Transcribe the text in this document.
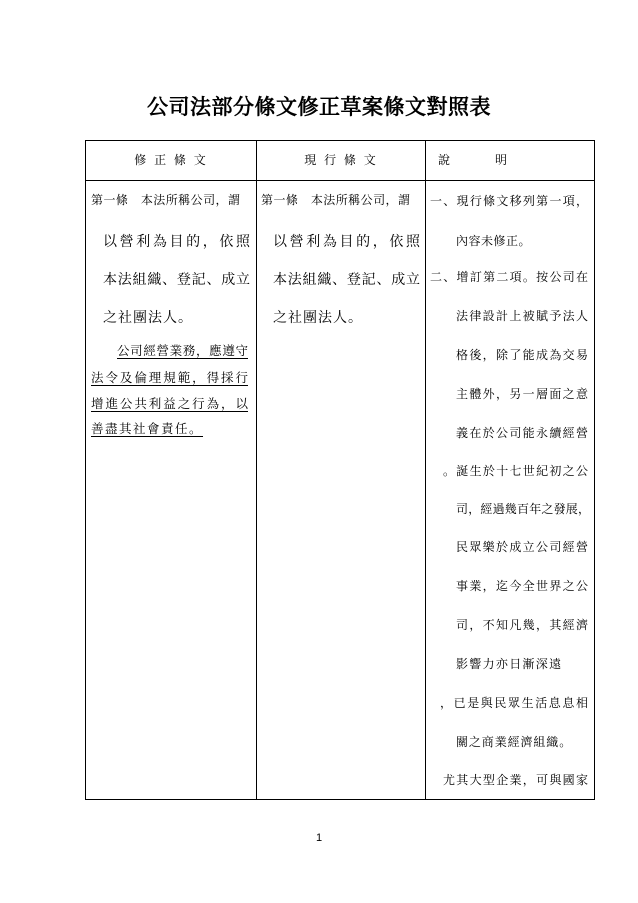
公司法部分條文修正草案條文對照表
修 正 條 文	現 行 條 文	說　　明
第一條　本法所稱公司，謂
以營利為目的，依照
本法組織、登記、成立
之社團法人。
公司經營業務，應遵守
法令及倫理規範，得採行
增進公共利益之行為，以
善盡其社會責任。
第一條　本法所稱公司，謂
以營利為目的，依照
本法組織、登記、成立
之社團法人。
一、現行條文移列第一項，
內容未修正。
二、增訂第二項。按公司在
法律設計上被賦予法人
格後，除了能成為交易
主體外，另一層面之意
義在於公司能永續經營
。誕生於十七世紀初之公
司，經過幾百年之發展，
民眾樂於成立公司經營
事業，迄今全世界之公
司，不知凡幾，其經濟
影響力亦日漸深遠
，已是與民眾生活息息相
關之商業經濟組織。
尤其大型企業，可與國家
1
